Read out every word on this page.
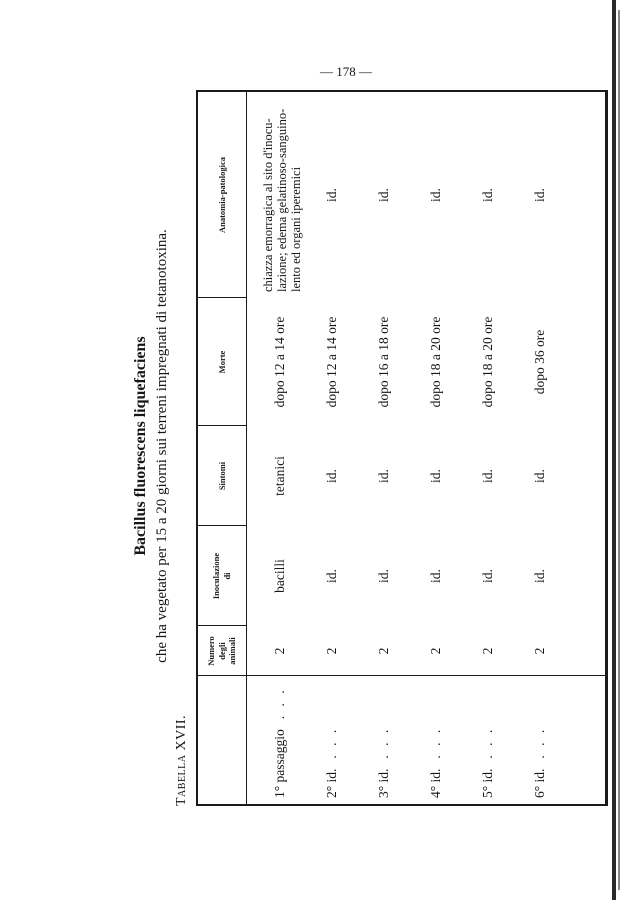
— 178 —
Bacillus fluorescens liquefaciens che ha vegetato per 15 a 20 giorni sui terreni impregnati di tetanotoxina.
Tabella XVII.
Numero
degli
animali
Inoculazione
di
Sintomi
Morte
Anatomia-patologica
1° passaggio
. . .
2
bacilli
tetanici
dopo 12 a 14 ore
chiazza emorragica al sito d'inocu-
lazione; edema gelatinoso-sanguino-
lento ed organi iperemici
2° id.
. . .
2
id.
id.
dopo 12 a 14 ore
id.
3° id.
. . .
2
id.
id.
dopo 16 a 18 ore
id.
4° id.
. . .
2
id.
id.
dopo 18 a 20 ore
id.
5° id.
. . .
2
id.
id.
dopo 18 a 20 ore
id.
6° id.
. . .
2
id.
id.
dopo 36 ore
id.
